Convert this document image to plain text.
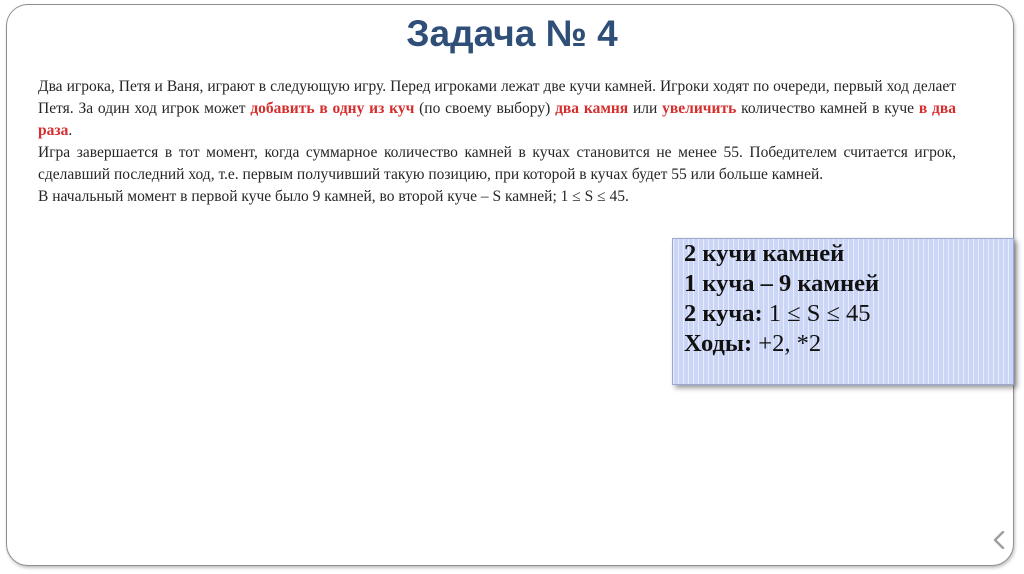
Задача № 4

Два игрока, Петя и Ваня, играют в следующую игру. Перед игроками лежат две кучи камней. Игроки ходят по очереди, первый ход делает Петя. За один ход игрок может добавить в одну из куч (по своему выбору) два камня или увеличить количество камней в куче в два раза.

Игра завершается в тот момент, когда суммарное количество камней в кучах становится не менее 55. Победителем считается игрок, сделавший последний ход, т.е. первым получивший такую позицию, при которой в кучах будет 55 или больше камней.

В начальный момент в первой куче было 9 камней, во второй куче – S камней; 1 ≤ S ≤ 45.

2 кучи камней
1 куча – 9 камней
2 куча: 1 ≤ S ≤ 45
Ходы: +2, *2
